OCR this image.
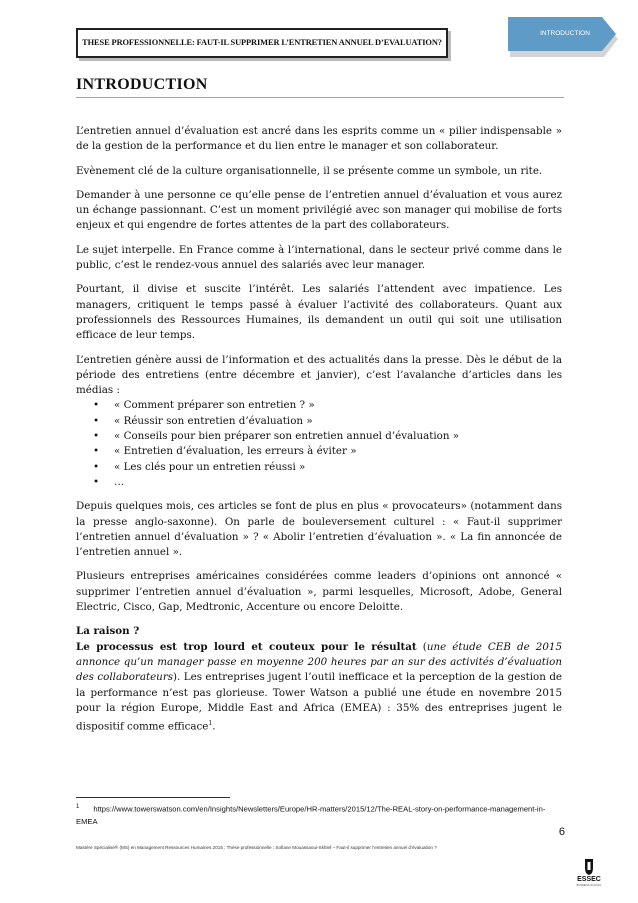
THESE PROFESSIONNELLE: FAUT-IL SUPPRIMER L’ENTRETIEN ANNUEL D’EVALUATION?
INTRODUCTION
INTRODUCTION

L’entretien annuel d’évaluation est ancré dans les esprits comme un « pilier indispensable » de la gestion de la performance et du lien entre le manager et son collaborateur.

Evènement clé de la culture organisationnelle, il se présente comme un symbole, un rite.

Demander à une personne ce qu’elle pense de l’entretien annuel d’évaluation et vous aurez un échange passionnant. C’est un moment privilégié avec son manager qui mobilise de forts enjeux et qui engendre de fortes attentes de la part des collaborateurs.

Le sujet interpelle. En France comme à l’international, dans le secteur privé comme dans le public, c’est le rendez-vous annuel des salariés avec leur manager.

Pourtant, il divise et suscite l’intérêt. Les salariés l’attendent avec impatience. Les managers, critiquent le temps passé à évaluer l’activité des collaborateurs. Quant aux professionnels des Ressources Humaines, ils demandent un outil qui soit une utilisation efficace de leur temps.

L’entretien génère aussi de l’information et des actualités dans la presse. Dès le début de la période des entretiens (entre décembre et janvier), c’est l’avalanche d’articles dans les médias :

• « Comment préparer son entretien ? »
• « Réussir son entretien d’évaluation »
• « Conseils pour bien préparer son entretien annuel d’évaluation »
• « Entretien d’évaluation, les erreurs à éviter »
• « Les clés pour un entretien réussi »
• …

Depuis quelques mois, ces articles se font de plus en plus « provocateurs» (notamment dans la presse anglo-saxonne). On parle de bouleversement culturel : « Faut-il supprimer l’entretien annuel d’évaluation » ? « Abolir l’entretien d’évaluation ». « La fin annoncée de l’entretien annuel ».

Plusieurs entreprises américaines considérées comme leaders d’opinions ont annoncé « supprimer l’entretien annuel d’évaluation », parmi lesquelles, Microsoft, Adobe, General Electric, Cisco, Gap, Medtronic, Accenture ou encore Deloitte.

La raison ?

Le processus est trop lourd et couteux pour le résultat (une étude CEB de 2015 annonce qu’un manager passe en moyenne 200 heures par an sur des activités d’évaluation des collaborateurs). Les entreprises jugent l’outil inefficace et la perception de la gestion de la performance n’est pas glorieuse. Tower Watson a publié une étude en novembre 2015 pour la région Europe, Middle East and Africa (EMEA) : 35% des entreprises jugent le dispositif comme efficace$^1$.

$^1$ https://www.towerswatson.com/en/Insights/Newsletters/Europe/HR-matters/2015/12/The-REAL-story-on-performance-management-in-EMEA
6
Mastère Spécialisé® (MS) en Management Ressources Humaines 2015 ; Thèse professionnelle ; Sofiane Mouassaoui-Skhlef – Faut-il supprimer l’entretien annuel d’évaluation ?
ESSEC
BUSINESS SCHOOL
